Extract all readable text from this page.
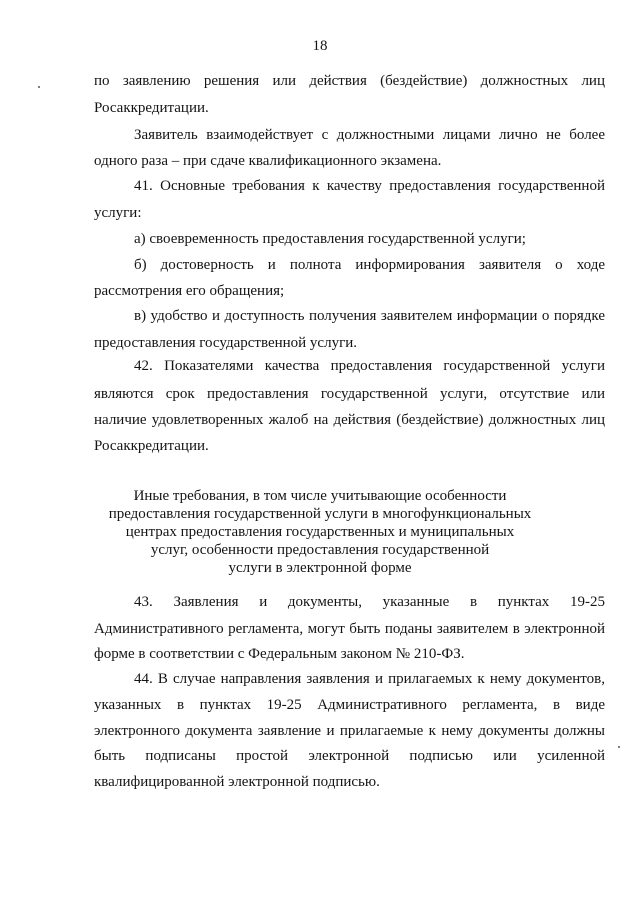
18
по заявлению решения или действия (бездействие) должностных лиц
Росаккредитации.
Заявитель взаимодействует с должностными лицами лично не более
одного раза – при сдаче квалификационного экзамена.
41. Основные требования к качеству предоставления государственной
услуги:
а) своевременность предоставления государственной услуги;
б) достоверность и полнота информирования заявителя о ходе
рассмотрения его обращения;
в) удобство и доступность получения заявителем информации о порядке
предоставления государственной услуги.
42. Показателями качества предоставления государственной услуги
являются срок предоставления государственной услуги, отсутствие или
наличие удовлетворенных жалоб на действия (бездействие) должностных лиц
Росаккредитации.
Иные требования, в том числе учитывающие особенности
предоставления государственной услуги в многофункциональных
центрах предоставления государственных и муниципальных
услуг, особенности предоставления государственной
услуги в электронной форме
43. Заявления и документы, указанные в пунктах 19-25
Административного регламента, могут быть поданы заявителем в электронной
форме в соответствии с Федеральным законом № 210-ФЗ.
44. В случае направления заявления и прилагаемых к нему документов,
указанных в пунктах 19-25 Административного регламента, в виде
электронного документа заявление и прилагаемые к нему документы должны
быть подписаны простой электронной подписью или усиленной
квалифицированной электронной подписью.
